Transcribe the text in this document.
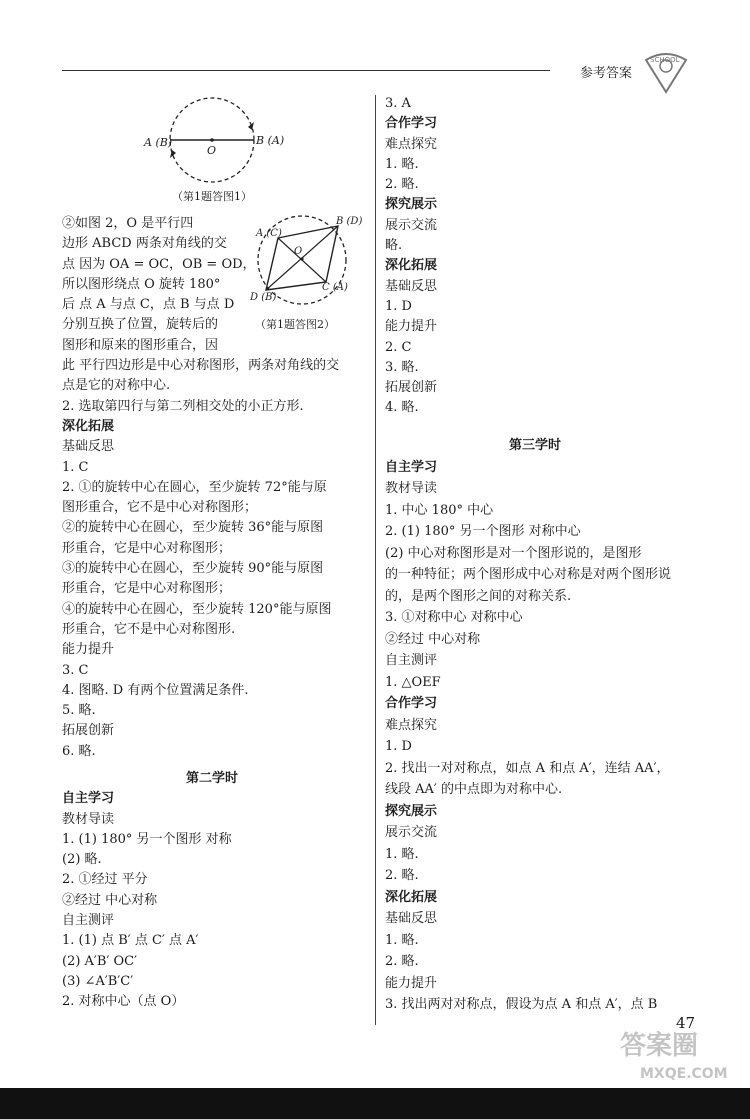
参考答案
SCHOOL
A (B)	B (A)
O
（第1题答图1）
A (C)
B (D)
C (A)
D (B)
O
（第1题答图2）
②如图 2，O 是平行四
边形 ABCD 两条对角线的交
点 因为 OA = OC，OB = OD，
所以图形绕点 O 旋转 180°
后 点 A 与点 C，点 B 与点 D
分别互换了位置，旋转后的
图形和原来的图形重合，因
此 平行四边形是中心对称图形，两条对角线的交
点是它的对称中心.
2. 选取第四行与第二列相交处的小正方形.
深化拓展
基础反思
1. C
2. ①的旋转中心在圆心，至少旋转 72°能与原
图形重合，它不是中心对称图形；
②的旋转中心在圆心，至少旋转 36°能与原图
形重合，它是中心对称图形；
③的旋转中心在圆心，至少旋转 90°能与原图
形重合，它是中心对称图形；
④的旋转中心在圆心，至少旋转 120°能与原图
形重合，它不是中心对称图形.
能力提升
3. C
4. 图略. D 有两个位置满足条件.
5. 略.
拓展创新
6. 略.
第二学时
自主学习
教材导读
1. (1) 180° 另一个图形 对称
(2) 略.
2. ①经过 平分
②经过 中心对称
自主测评
1. (1) 点 B′ 点 C′ 点 A′
(2) A′B′ OC′
(3) ∠A′B′C′
2. 对称中心（点 O）
3. A
合作学习
难点探究
1. 略.
2. 略.
探究展示
展示交流
略.
深化拓展
基础反思
1. D
能力提升
2. C
3. 略.
拓展创新
4. 略.
第三学时
自主学习
教材导读
1. 中心 180° 中心
2. (1) 180° 另一个图形 对称中心
(2) 中心对称图形是对一个图形说的，是图形
的一种特征；两个图形成中心对称是对两个图形说
的，是两个图形之间的对称关系.
3. ①对称中心 对称中心
②经过 中心对称
自主测评
1. △OEF
合作学习
难点探究
1. D
2. 找出一对对称点，如点 A 和点 A′，连结 AA′，
线段 AA′ 的中点即为对称中心.
探究展示
展示交流
1. 略.
2. 略.
深化拓展
基础反思
1. 略.
2. 略.
能力提升
3. 找出两对对称点，假设为点 A 和点 A′，点 B
47
答案圈
MXQE.COM
